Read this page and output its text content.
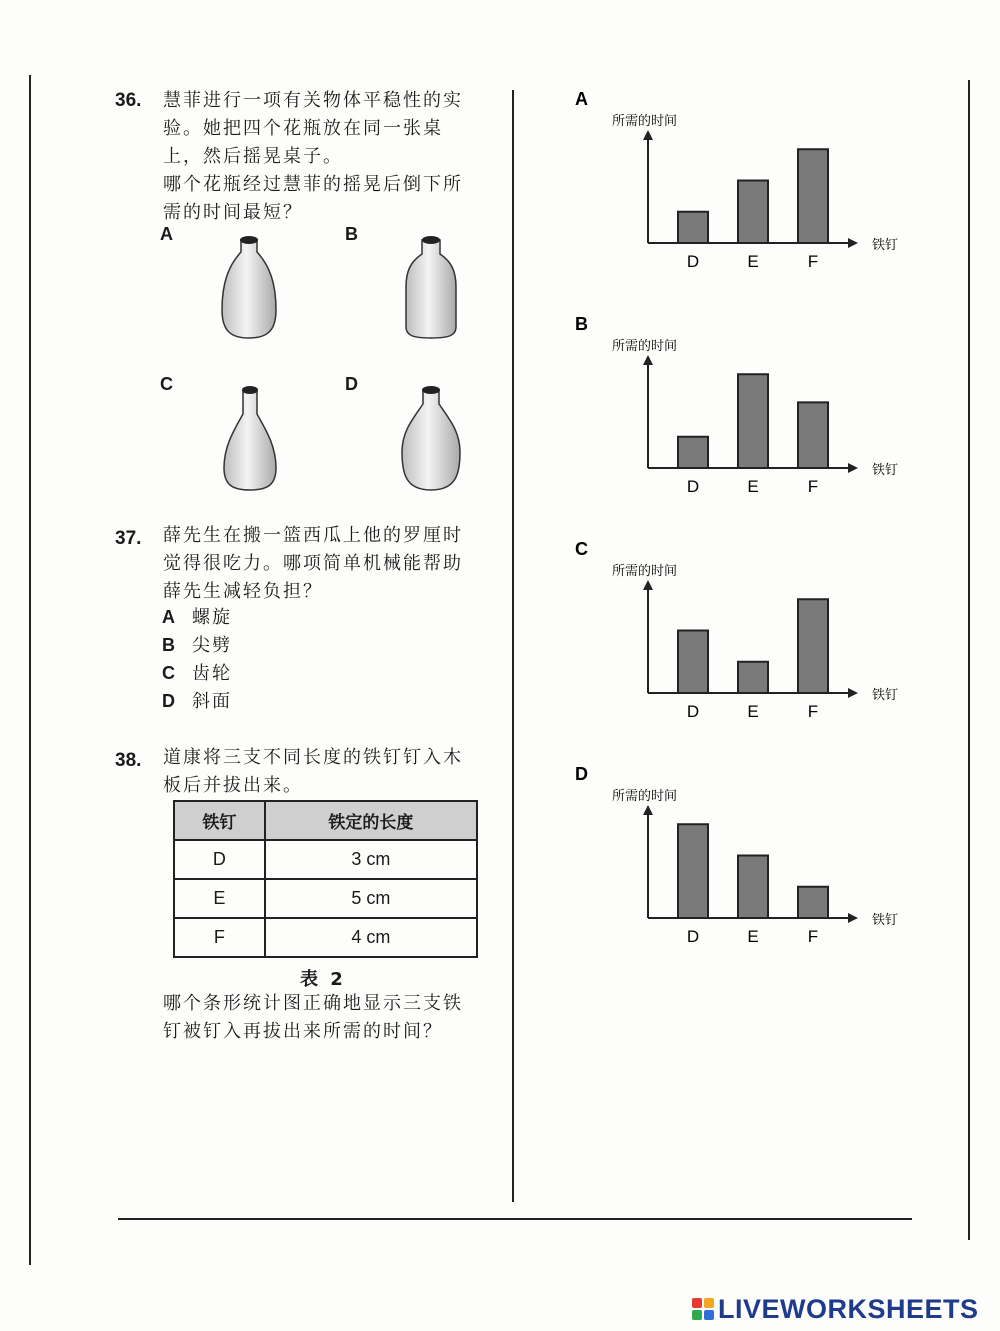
36. 慧菲进行一项有关物体平稳性的实
验。她把四个花瓶放在同一张桌
上，然后摇晃桌子。
哪个花瓶经过慧菲的摇晃后倒下所
需的时间最短？
A	B
C	D
37. 薛先生在搬一篮西瓜上他的罗厘时
觉得很吃力。哪项简单机械能帮助
薛先生减轻负担？
A 螺旋
B 尖劈
C 齿轮
D 斜面
38. 道康将三支不同长度的铁钉钉入木
板后并拔出来。
铁钉	铁定的长度
D	3 cm
E	5 cm
F	4 cm
表 2
哪个条形统计图正确地显示三支铁
钉被钉入再拔出来所需的时间？
A
所需的时间
铁钉
D	E	F
B
所需的时间
铁钉
D	E	F
C
所需的时间
铁钉
D	E	F
D
所需的时间
铁钉
D	E	F
LIVEWORKSHEETS
